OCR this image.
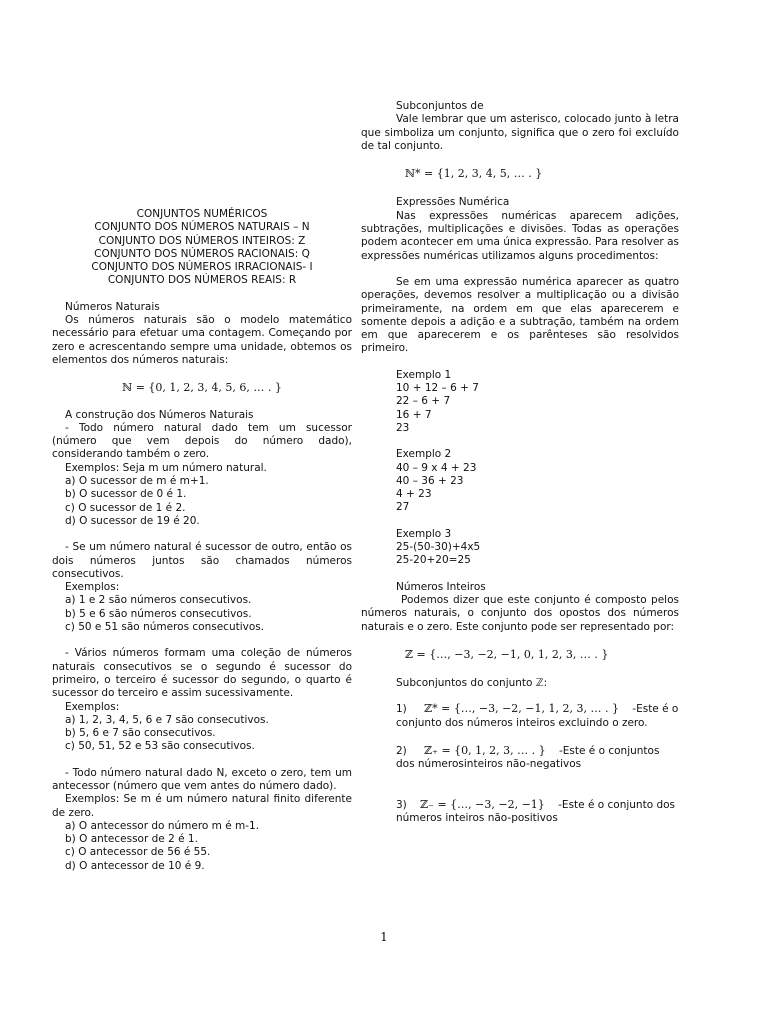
CONJUNTOS NUMÉRICOS

CONJUNTO DOS NÚMEROS NATURAIS – N

CONJUNTO DOS NÚMEROS INTEIROS: Z

CONJUNTO DOS NÚMEROS RACIONAIS: Q

CONJUNTO DOS NÚMEROS IRRACIONAIS- I

CONJUNTO DOS NÚMEROS REAIS: R

Números Naturais

Os números naturais são o modelo matemático necessário para efetuar uma contagem. Começando por zero e acrescentando sempre uma unidade, obtemos os elementos dos números naturais:

ℕ = {0, 1, 2, 3, 4, 5, 6, … . }

A construção dos Números Naturais

- Todo número natural dado tem um sucessor (número que vem depois do número dado), considerando também o zero.

Exemplos: Seja m um número natural.

a) O sucessor de m é m+1.

b) O sucessor de 0 é 1.

c) O sucessor de 1 é 2.

d) O sucessor de 19 é 20.

- Se um número natural é sucessor de outro, então os dois números juntos são chamados números consecutivos.

Exemplos:

a) 1 e 2 são números consecutivos.

b) 5 e 6 são números consecutivos.

c) 50 e 51 são números consecutivos.

- Vários números formam uma coleção de números naturais consecutivos se o segundo é sucessor do primeiro, o terceiro é sucessor do segundo, o quarto é sucessor do terceiro e assim sucessivamente.

Exemplos:

a) 1, 2, 3, 4, 5, 6 e 7 são consecutivos.

b) 5, 6 e 7 são consecutivos.

c) 50, 51, 52 e 53 são consecutivos.

- Todo número natural dado N, exceto o zero, tem um antecessor (número que vem antes do número dado).

Exemplos: Se m é um número natural finito diferente de zero.

a) O antecessor do número m é m-1.

b) O antecessor de 2 é 1.

c) O antecessor de 56 é 55.

d) O antecessor de 10 é 9.

Subconjuntos de

Vale lembrar que um asterisco, colocado junto à letra que simboliza um conjunto, significa que o zero foi excluído de tal conjunto.

ℕ* = {1, 2, 3, 4, 5, … . }

Expressões Numérica

Nas expressões numéricas aparecem adições, subtrações, multiplicações e divisões. Todas as operações podem acontecer em uma única expressão. Para resolver as expressões numéricas utilizamos alguns procedimentos:

Se em uma expressão numérica aparecer as quatro operações, devemos resolver a multiplicação ou a divisão primeiramente, na ordem em que elas aparecerem e somente depois a adição e a subtração, também na ordem em que aparecerem e os parênteses são resolvidos primeiro.

Exemplo 1

10 + 12 – 6 + 7

22 – 6 + 7

16 + 7

23

Exemplo 2

40 – 9 x 4 + 23

40 – 36 + 23

4 + 23

27

Exemplo 3

25-(50-30)+4x5

25-20+20=25

Números Inteiros

Podemos dizer que este conjunto é composto pelos números naturais, o conjunto dos opostos dos números naturais e o zero. Este conjunto pode ser representado por:

ℤ = {…, −3, −2, −1, 0, 1, 2, 3, … . }

Subconjuntos do conjunto ℤ:

1) ℤ* = {…, −3, −2, −1, 1, 2, 3, … . } -Este é o conjunto dos números inteiros excluindo o zero.

2) ℤ₊ = {0, 1, 2, 3, … . } -Este é o conjuntos dos númerosinteiros não-negativos

3) ℤ₋ = {…, −3, −2, −1} -Este é o conjunto dos números inteiros não-positivos

1
